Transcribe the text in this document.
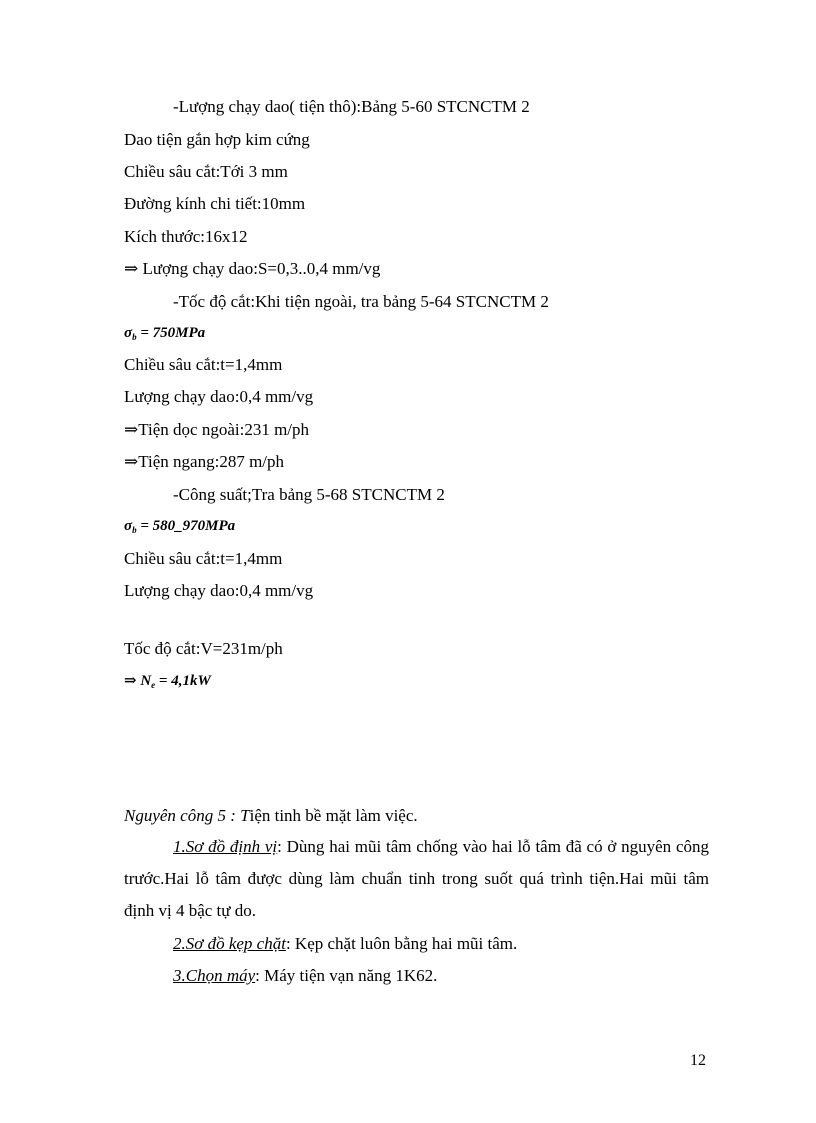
-Lượng chạy dao( tiện thô):Bảng 5-60 STCNCTM 2
Dao tiện gắn hợp kim cứng
Chiều sâu cắt:Tới 3 mm
Đường kính chi tiết:10mm
Kích thước:16x12
⇒ Lượng chạy dao:S=0,3..0,4 mm/vg
-Tốc độ cắt:Khi tiện ngoài, tra bảng 5-64 STCNCTM 2
$\sigma_b = 750MPa$
Chiều sâu cắt:t=1,4mm
Lượng chạy dao:0,4 mm/vg
⇒Tiện dọc ngoài:231 m/ph
⇒Tiện ngang:287 m/ph
-Công suất;Tra bảng 5-68 STCNCTM 2
$\sigma_b$ = 580_970MPa
Chiều sâu cắt:t=1,4mm
Lượng chạy dao:0,4 mm/vg
Tốc độ cắt:V=231m/ph
⇒ $N_e = 4,1kW$
Nguyên công 5 : Tiện tinh bề mặt làm việc.
1.Sơ đồ định vị: Dùng hai mũi tâm chống vào hai lỗ tâm đã có ở nguyên công trước.Hai lỗ tâm được dùng làm chuẩn tinh trong suốt quá trình tiện.Hai mũi tâm định vị 4 bậc tự do.
2.Sơ đồ kẹp chặt: Kẹp chặt luôn bằng hai mũi tâm.
3.Chọn máy: Máy tiện vạn năng 1K62.
12
